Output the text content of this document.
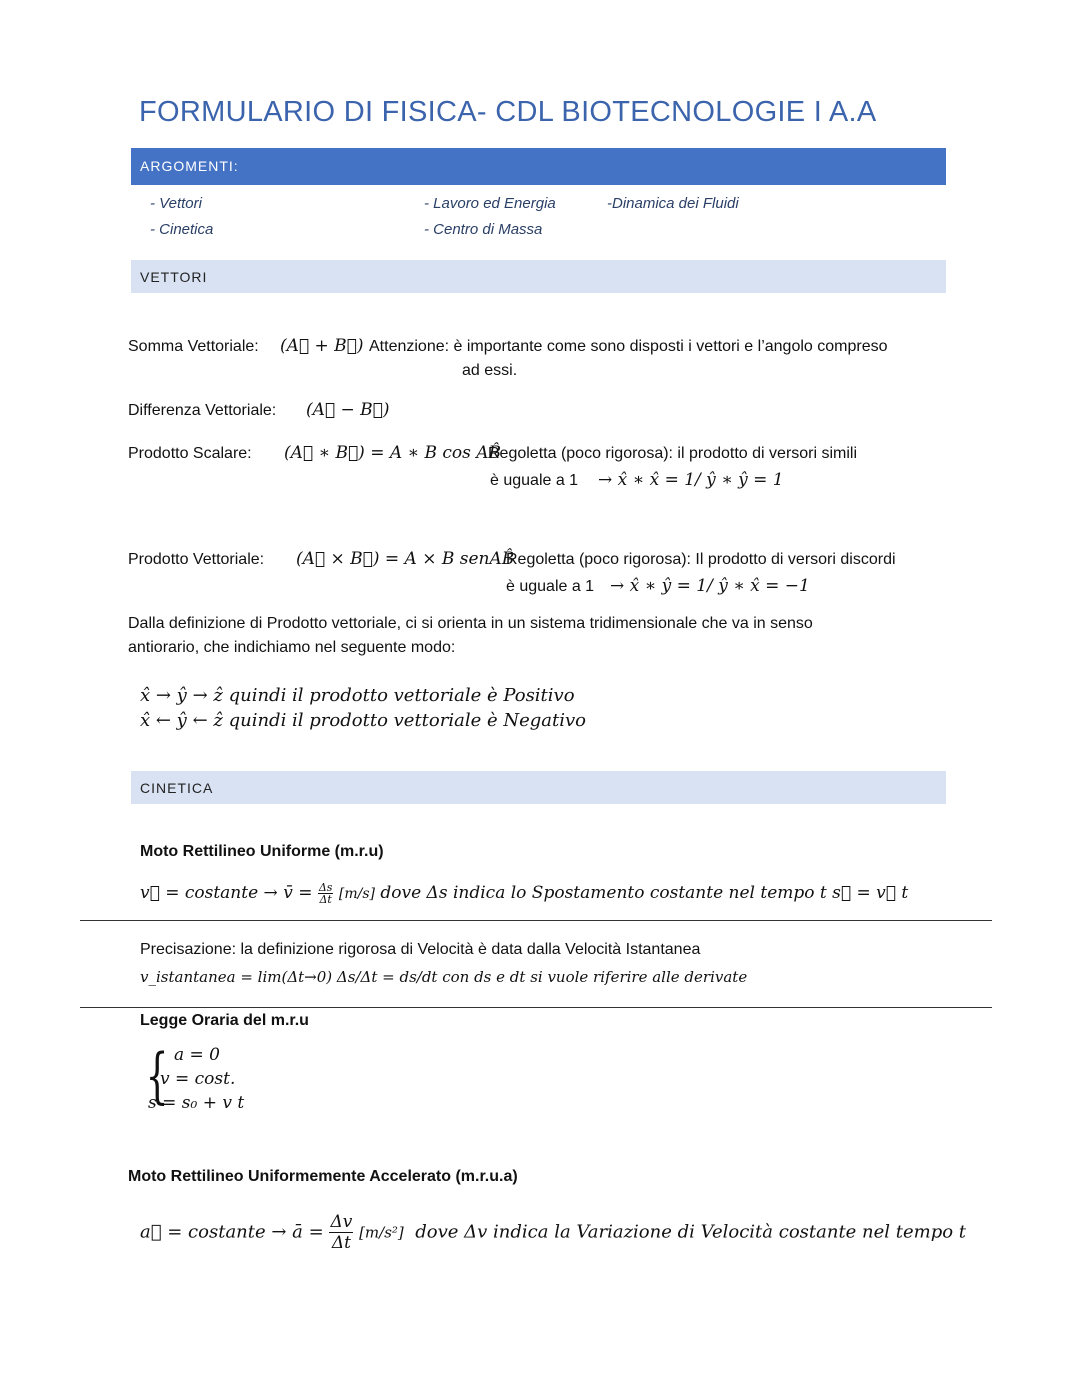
FORMULARIO DI FISICA- CDL BIOTECNOLOGIE I A.A
ARGOMENTI:
- Vettori
- Cinetica
- Lavoro ed Energia
- Centro di Massa
-Dinamica dei Fluidi
VETTORI
Somma Vettoriale: (A⃗ + B⃗) Attenzione: è importante come sono disposti i vettori e l’angolo compreso
ad essi.
Differenza Vettoriale: (A⃗ − B⃗)
Prodotto Scalare: (A⃗ ∗ B⃗) = A ∗ B cos AB̂
Regoletta (poco rigorosa): il prodotto di versori simili
è uguale a 1 → x̂ ∗ x̂ = 1/ ŷ ∗ ŷ = 1
Prodotto Vettoriale: (A⃗ × B⃗) = A × B senAB̂
Regoletta (poco rigorosa): Il prodotto di versori discordi
è uguale a 1 → x̂ ∗ ŷ = 1/ ŷ ∗ x̂ = −1
Dalla definizione di Prodotto vettoriale, ci si orienta in un sistema tridimensionale che va in senso
antiorario, che indichiamo nel seguente modo:
x̂ → ŷ → ẑ quindi il prodotto vettoriale è Positivo
x̂ ← ŷ ← ẑ quindi il prodotto vettoriale è Negativo
CINETICA
Moto Rettilineo Uniforme (m.r.u)
v⃗ = costante → v̄ = $\frac{\Delta s}{\Delta t} [m/s]$ dove Δs indica lo Spostamento costante nel tempo t s⃗ = v⃗ t
Precisazione: la definizione rigorosa di Velocità è data dalla Velocità Istantanea
v_istantanea = lim(Δt→0) Δs/Δt = ds/dt con ds e dt si vuole riferire alle derivate
Legge Oraria del m.r.u
{ a = 0
v = cost.
s = s₀ + v t
Moto Rettilineo Uniformemente Accelerato (m.r.u.a)
a⃗ = costante → ā = $\frac{\Delta v}{\Delta t} [m/s^2]$ dove Δv indica la Variazione di Velocità costante nel tempo t
